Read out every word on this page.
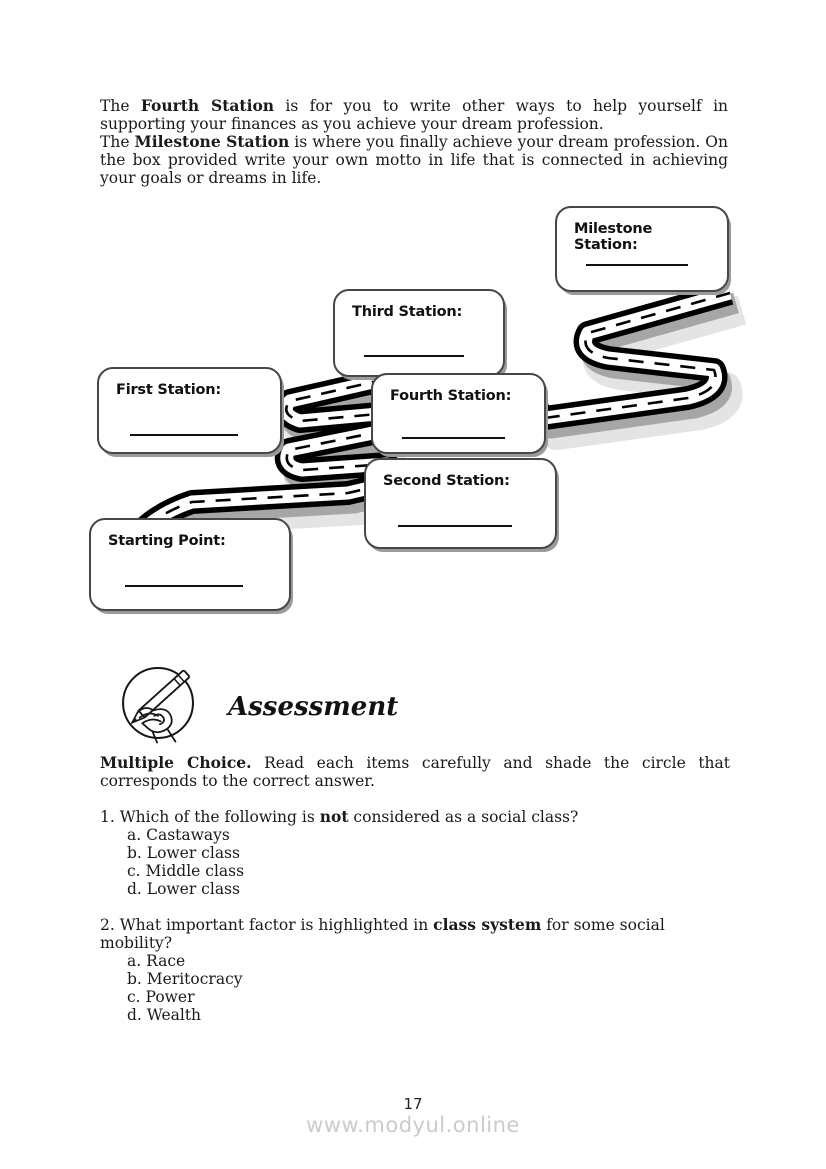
The Fourth Station is for you to write other ways to help yourself in supporting your finances as you achieve your dream profession.

The Milestone Station is where you finally achieve your dream profession. On the box provided write your own motto in life that is connected in achieving your goals or dreams in life.

Milestone Station:
Third Station:
First Station:	Fourth Station:
Second Station:
Starting Point:
Assessment
Multiple Choice. Read each items carefully and shade the circle that corresponds to the correct answer.

1. Which of the following is not considered as a social class?

a. Castaways
b. Lower class
c. Middle class
d. Lower class

2. What important factor is highlighted in class system for some social mobility?

a. Race
b. Meritocracy
c. Power
d. Wealth
17
www.modyul.online
